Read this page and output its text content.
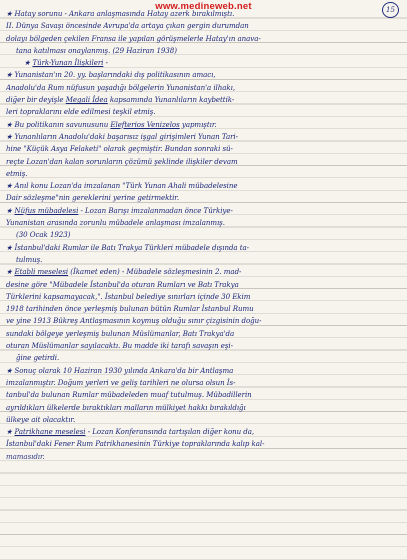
www.medineweb.net	15
★ Hatay sorunu - Ankara anlaşmasında Hatay azerk bırakılmıştı.
II. Dünya Savaşı öncesinde Avrupa'da artaya çıkan gergin durumdan
dolayı bölgeden çekilen Fransa ile yapılan görüşmelerle Hatay'ın anava-
tana katılması onaylanmış. (29 Haziran 1938)
★ Türk-Yunan İlişkileri -
★ Yunanistan'ın 20. yy. başlarındaki dış politikasının amacı,
Anadolu'da Rum nüfusun yaşadığı bölgelerin Yunanistan'a ilhakı,
diğer bir deyişle Megali İdea kapsamında Yunanlıların kaybettik-
leri topraklarını elde edilmesi teşkil etmiş.
★ Bu politikanın savunusunu Elefterios Venizelos yapmıştır.
★ Yunanlıların Anadolu'daki başarısız işgal girişimleri Yunan Tari-
hine "Küçük Asya Felaketi" olarak geçmiştir. Bundan sonraki sü-
reçte Lozan'dan kalan sorunların çözümü şeklinde ilişkiler devam
etmiş.
★ Anıl konu Lozan'da imzalanan "Türk Yunan Ahali mübadelesine
Dair sözleşme"nin gereklerini yerine getirmektir.
★ Nüfus mübadelesi - Lozan Barışı imzalanmadan önce Türkiye-
Yunanistan arasında zorunlu mübadele anlaşması imzalanmış.
(30 Ocak 1923)
★ İstanbul'daki Rumlar ile Batı Trakya Türkleri mübadele dışında ta-
tulmuş.
★ Etabli meselesi (İkamet eden) - Mübadele sözleşmesinin 2. mad-
desine göre "Mübadele İstanbul'da oturan Rumları ve Batı Trakya
Türklerini kapsamayacak,". İstanbul belediye sınırları içinde 30 Ekim
1918 tarihinden önce yerleşmiş bulunan bütün Rumlar İstanbul Rumu
ve yine 1913 Bükreş Antlaşmasının koymuş olduğu sınır çizgisinin doğu-
sundaki bölgeye yerleşmiş bulunan Müslümanlar, Batı Trakya'da
oturan Müslümanlar sayılacaktı. Bu madde iki tarafı savaşın eşi-
ğine getirdi.
★ Sonuç olarak 10 Haziran 1930 yılında Ankara'da bir Antlaşma
imzalanmıştır. Doğum yerleri ve geliş tarihleri ne olursa olsun İs-
tanbul'da bulunan Rumlar mübadeleden muaf tutulmuş. Mübadillerin
ayrıldıkları ülkelerde bıraktıkları malların mülkiyet hakkı bırakıldığı
ülkeye ait olacaktır.
★ Patrikhane meselesi - Lozan Konferansında tartışılan diğer konu da,
İstanbul'daki Fener Rum Patrikhanesinin Türkiye topraklarında kalıp kal-
mamasıdır.
